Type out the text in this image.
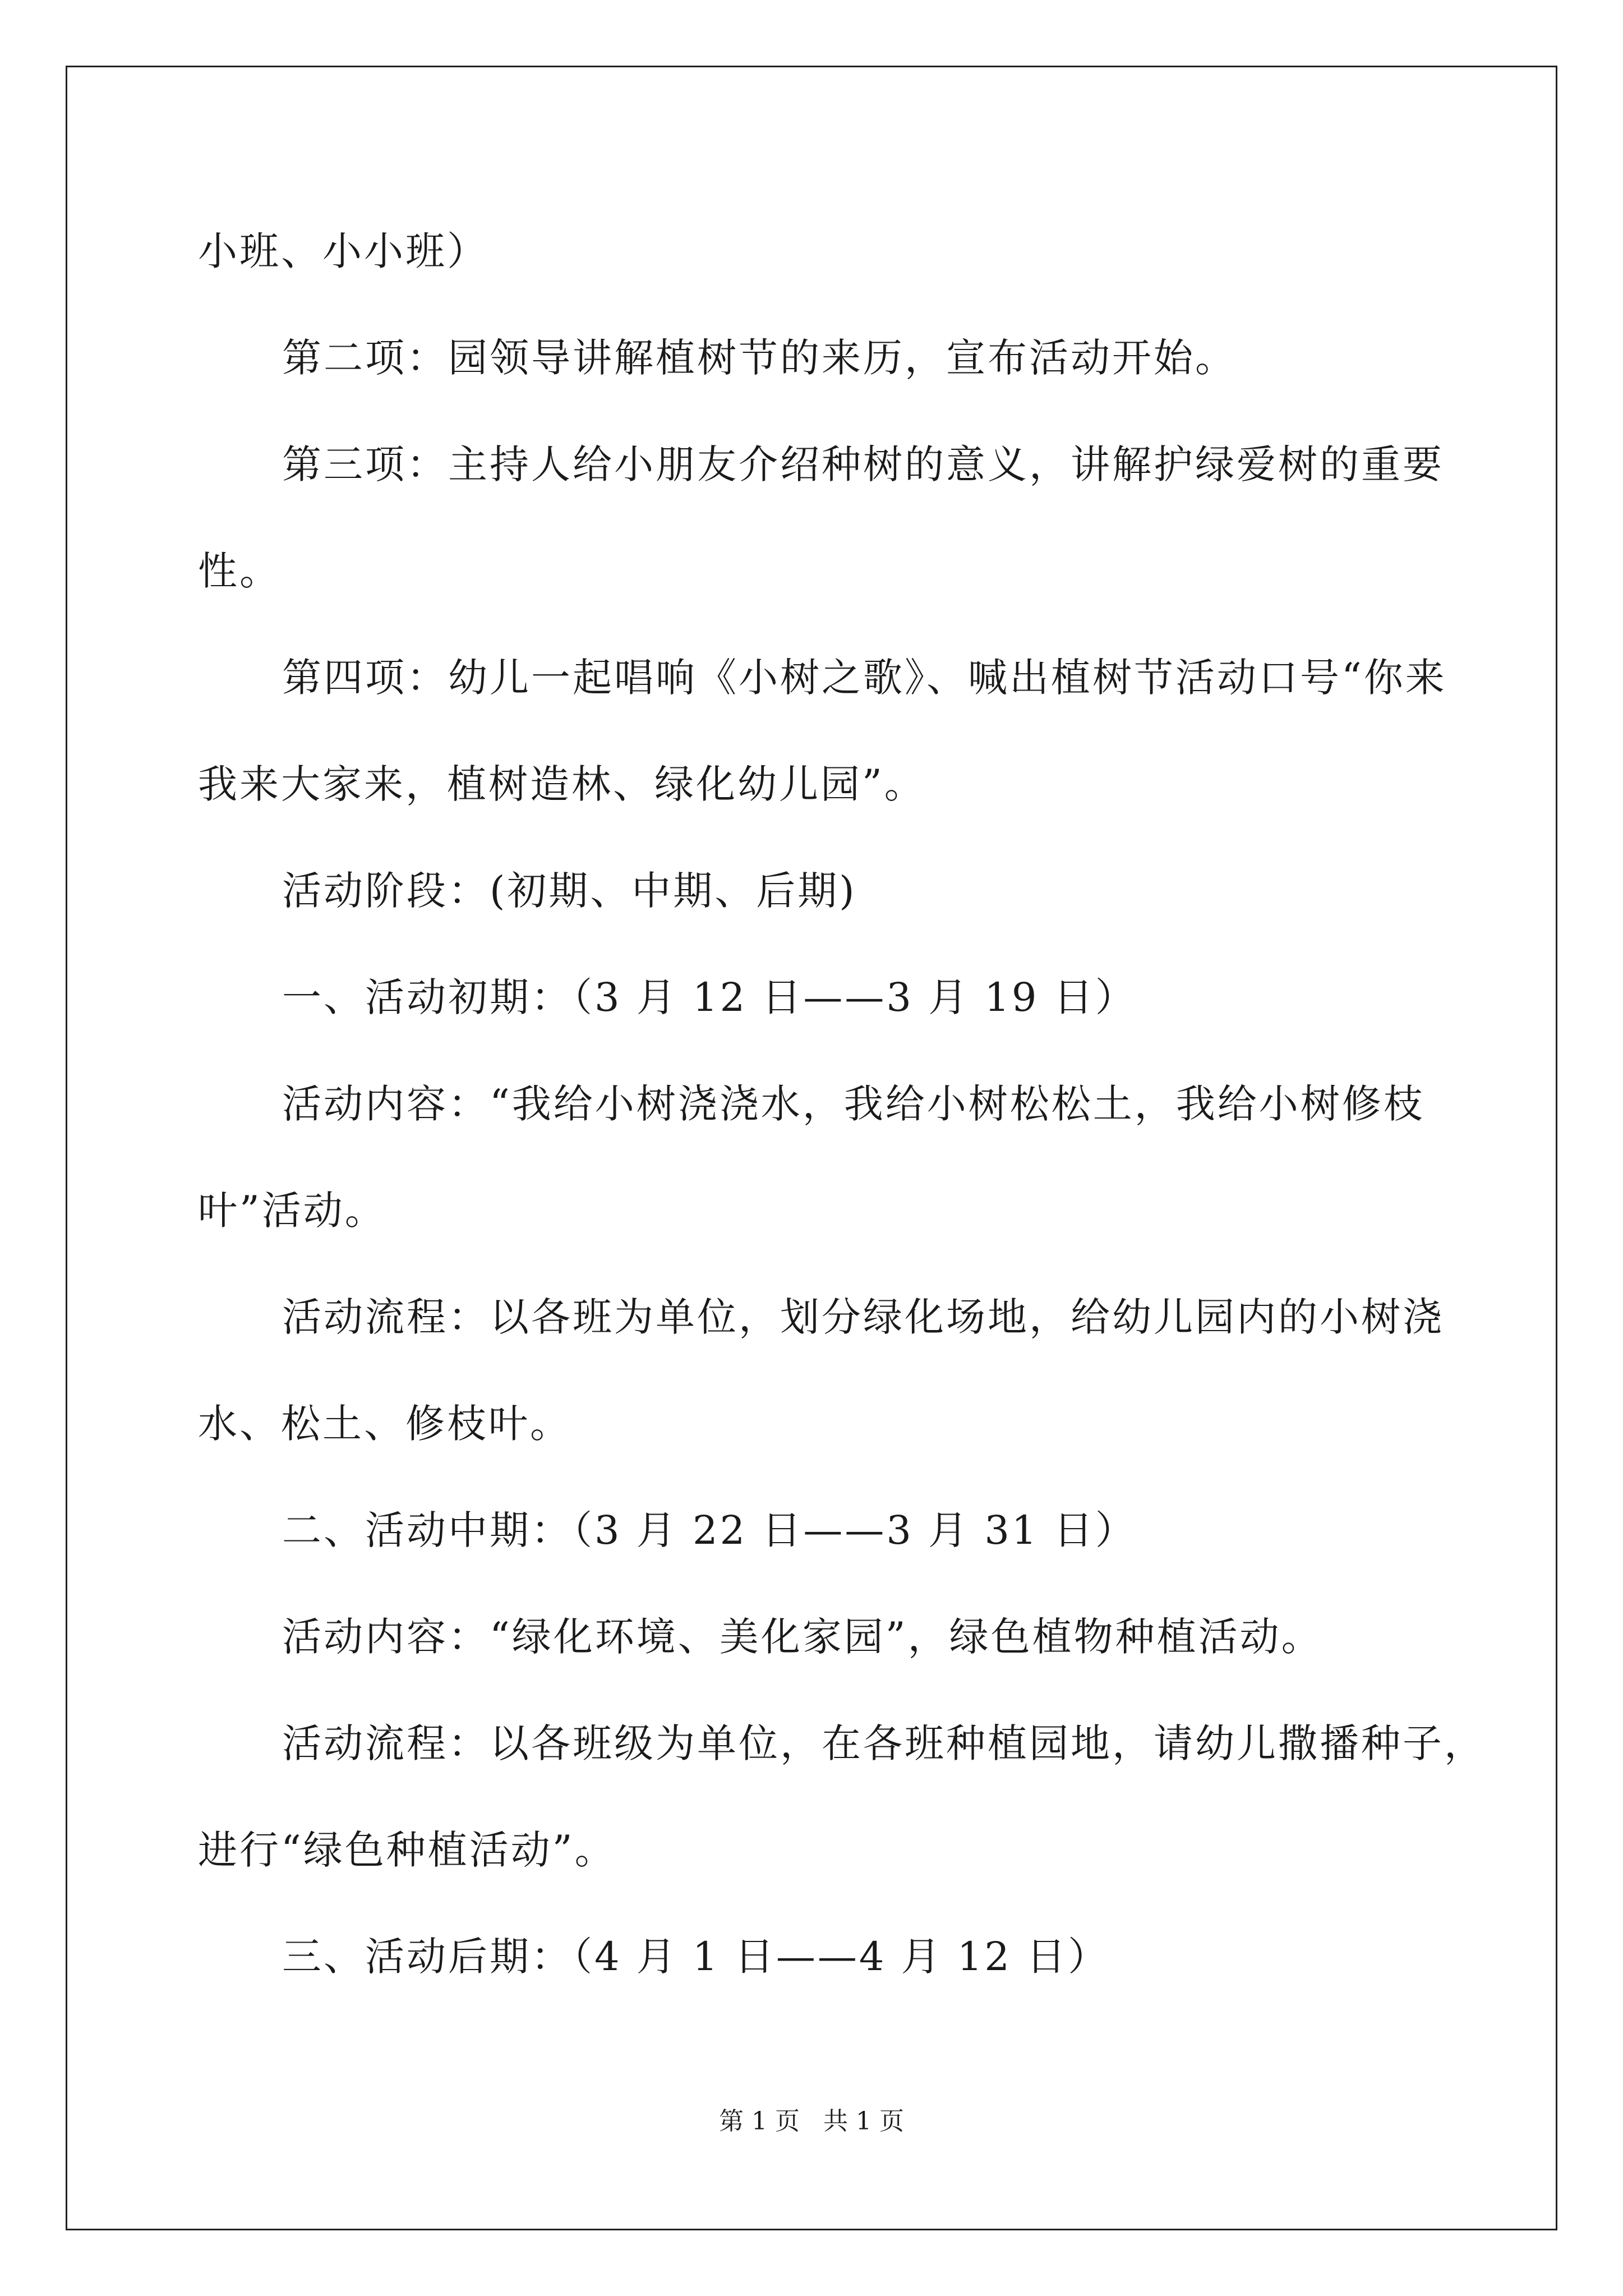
小班、小小班）
第二项：园领导讲解植树节的来历，宣布活动开始。
第三项：主持人给小朋友介绍种树的意义，讲解护绿爱树的重要
性。
第四项：幼儿一起唱响《小树之歌》、喊出植树节活动口号“你来
我来大家来，植树造林、绿化幼儿园”。
活动阶段：(初期、中期、后期)
一、活动初期：（3 月 12 日——3 月 19 日）
活动内容：“我给小树浇浇水，我给小树松松土，我给小树修枝
叶”活动。
活动流程：以各班为单位，划分绿化场地，给幼儿园内的小树浇
水、松土、修枝叶。
二、活动中期：（3 月 22 日——3 月 31 日）
活动内容：“绿化环境、美化家园”，绿色植物种植活动。
活动流程：以各班级为单位，在各班种植园地，请幼儿撒播种子，
进行“绿色种植活动”。
三、活动后期：（4 月 1 日——4 月 12 日）
第 1 页   共 1 页
